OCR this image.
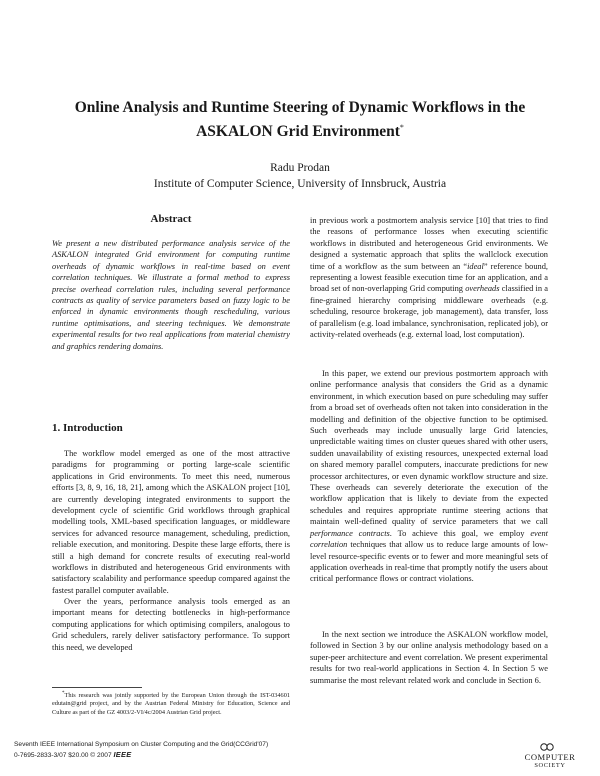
Online Analysis and Runtime Steering of Dynamic Workflows in the ASKALON Grid Environment*
Radu Prodan
Institute of Computer Science, University of Innsbruck, Austria
Abstract
We present a new distributed performance analysis service of the ASKALON integrated Grid environment for computing runtime overheads of dynamic workflows in real-time based on event correlation techniques. We illustrate a formal method to express precise overhead correlation rules, including several performance contracts as quality of service parameters based on fuzzy logic to be enforced in dynamic environments though rescheduling, various runtime optimisations, and steering techniques. We demonstrate experimental results for two real applications from material chemistry and graphics rendering domains.
1. Introduction
The workflow model emerged as one of the most attractive paradigms for programming or porting large-scale scientific applications in Grid environments. To meet this need, numerous efforts [3, 8, 9, 16, 18, 21], among which the ASKALON project [10], are currently developing integrated environments to support the development cycle of scientific Grid workflows through graphical modelling tools, XML-based specification languages, or middleware services for advanced resource management, scheduling, prediction, reliable execution, and monitoring. Despite these large efforts, there is still a high demand for concrete results of executing real-world workflows in distributed and heterogeneous Grid environments with satisfactory scalability and performance speedup compared against the fastest parallel computer available.
Over the years, performance analysis tools emerged as an important means for detecting bottlenecks in high-performance computing applications for which optimising compilers, analogous to Grid schedulers, rarely deliver satisfactory performance. To support this need, we developed
*This research was jointly supported by the European Union through the IST-034601 edutain@grid project, and by the Austrian Federal Ministry for Education, Science and Culture as part of the GZ 4003/2-VI/4c/2004 Austrian Grid project.
in previous work a postmortem analysis service [10] that tries to find the reasons of performance losses when executing scientific workflows in distributed and heterogeneous Grid environments. We designed a systematic approach that splits the wallclock execution time of a workflow as the sum between an “ideal” reference bound, representing a lowest feasible execution time for an application, and a broad set of non-overlapping Grid computing overheads classified in a fine-grained hierarchy comprising middleware overheads (e.g. scheduling, resource brokerage, job management), data transfer, loss of parallelism (e.g. load imbalance, synchronisation, replicated job), or activity-related overheads (e.g. external load, lost computation).
In this paper, we extend our previous postmortem approach with online performance analysis that considers the Grid as a dynamic environment, in which execution based on pure scheduling may suffer from a broad set of overheads often not taken into consideration in the modelling and definition of the objective function to be optimised. Such overheads may include unusually large Grid latencies, unpredictable waiting times on cluster queues shared with other users, sudden unavailability of existing resources, unexpected external load on shared memory parallel computers, inaccurate predictions for new processor architectures, or even dynamic workflow structure and size. These overheads can severely deteriorate the execution of the workflow application that is likely to deviate from the expected schedules and requires appropriate runtime steering actions that maintain well-defined quality of service parameters that we call performance contracts. To achieve this goal, we employ event correlation techniques that allow us to reduce large amounts of low-level resource-specific events or to fewer and more meaningful sets of application overheads in real-time that promptly notify the users about critical performance flows or contract violations.
In the next section we introduce the ASKALON workflow model, followed in Section 3 by our online analysis methodology based on a super-peer architecture and event correlation. We present experimental results for two real-world applications in Section 4. In Section 5 we summarise the most relevant related work and conclude in Section 6.
Seventh IEEE International Symposium on Cluster Computing and the Grid(CCGrid'07)
0-7695-2833-3/07 $20.00 © 2007 IEEE	COMPUTER
SOCIETY
